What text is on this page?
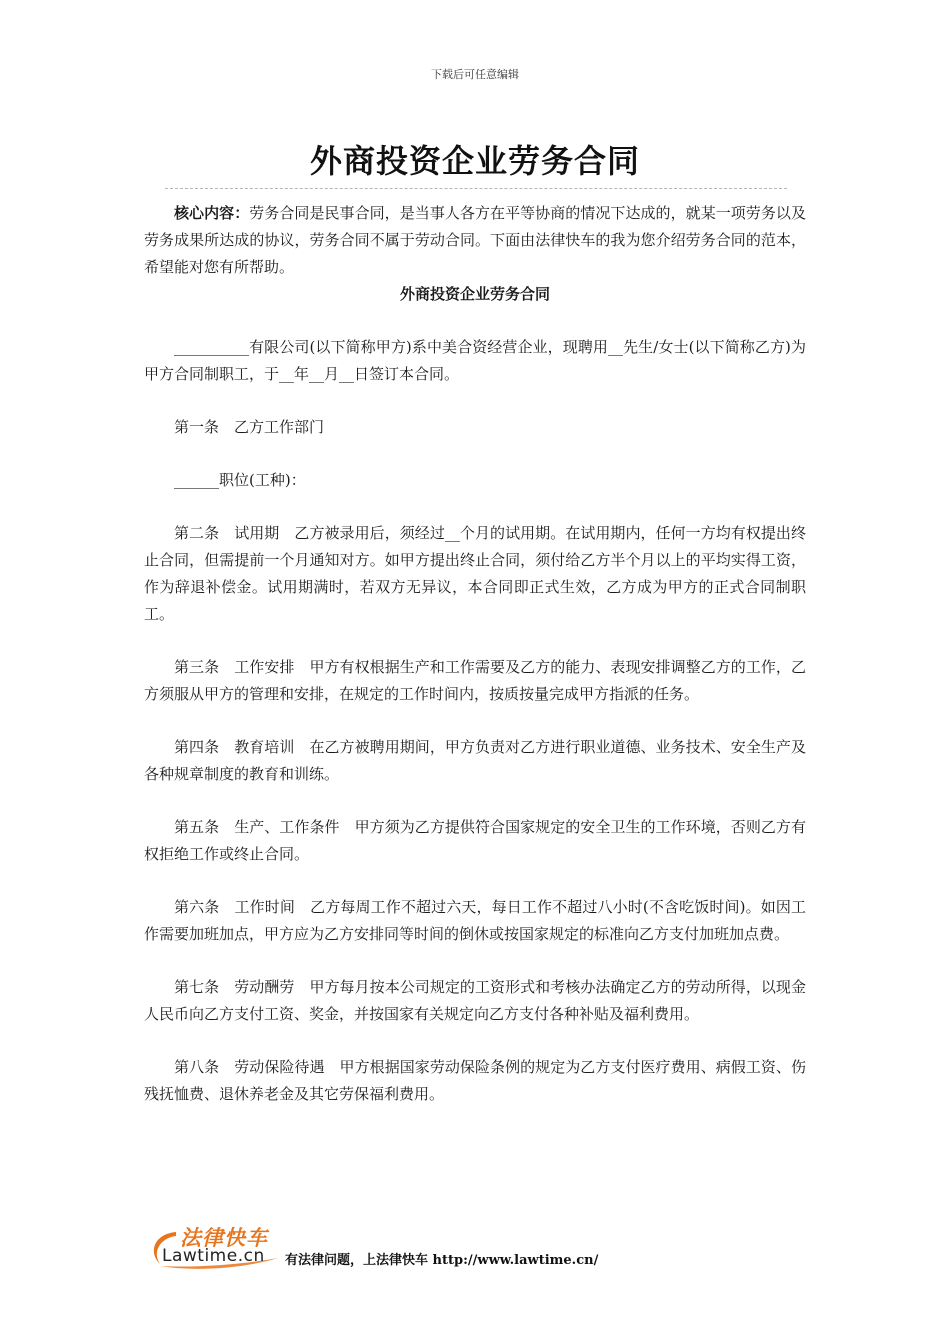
下载后可任意编辑
外商投资企业劳务合同

核心内容：劳务合同是民事合同，是当事人各方在平等协商的情况下达成的，就某一项劳务以及劳务成果所达成的协议，劳务合同不属于劳动合同。下面由法律快车的我为您介绍劳务合同的范本，希望能对您有所帮助。

外商投资企业劳务合同

__________有限公司(以下简称甲方)系中美合资经营企业，现聘用__先生/女士(以下简称乙方)为甲方合同制职工，于__年__月__日签订本合同。

第一条 乙方工作部门

______职位(工种)：

第二条 试用期 乙方被录用后，须经过__个月的试用期。在试用期内，任何一方均有权提出终止合同，但需提前一个月通知对方。如甲方提出终止合同，须付给乙方半个月以上的平均实得工资，作为辞退补偿金。试用期满时，若双方无异议，本合同即正式生效，乙方成为甲方的正式合同制职工。

第三条 工作安排 甲方有权根据生产和工作需要及乙方的能力、表现安排调整乙方的工作，乙方须服从甲方的管理和安排，在规定的工作时间内，按质按量完成甲方指派的任务。

第四条 教育培训 在乙方被聘用期间，甲方负责对乙方进行职业道德、业务技术、安全生产及各种规章制度的教育和训练。

第五条 生产、工作条件 甲方须为乙方提供符合国家规定的安全卫生的工作环境，否则乙方有权拒绝工作或终止合同。

第六条 工作时间 乙方每周工作不超过六天，每日工作不超过八小时(不含吃饭时间)。如因工作需要加班加点，甲方应为乙方安排同等时间的倒休或按国家规定的标准向乙方支付加班加点费。

第七条 劳动酬劳 甲方每月按本公司规定的工资形式和考核办法确定乙方的劳动所得，以现金人民币向乙方支付工资、奖金，并按国家有关规定向乙方支付各种补贴及福利费用。

第八条 劳动保险待遇 甲方根据国家劳动保险条例的规定为乙方支付医疗费用、病假工资、伤残抚恤费、退休养老金及其它劳保福利费用。

法律快车
Lawtime.cn 有法律问题，上法律快车 http://www.lawtime.cn/
